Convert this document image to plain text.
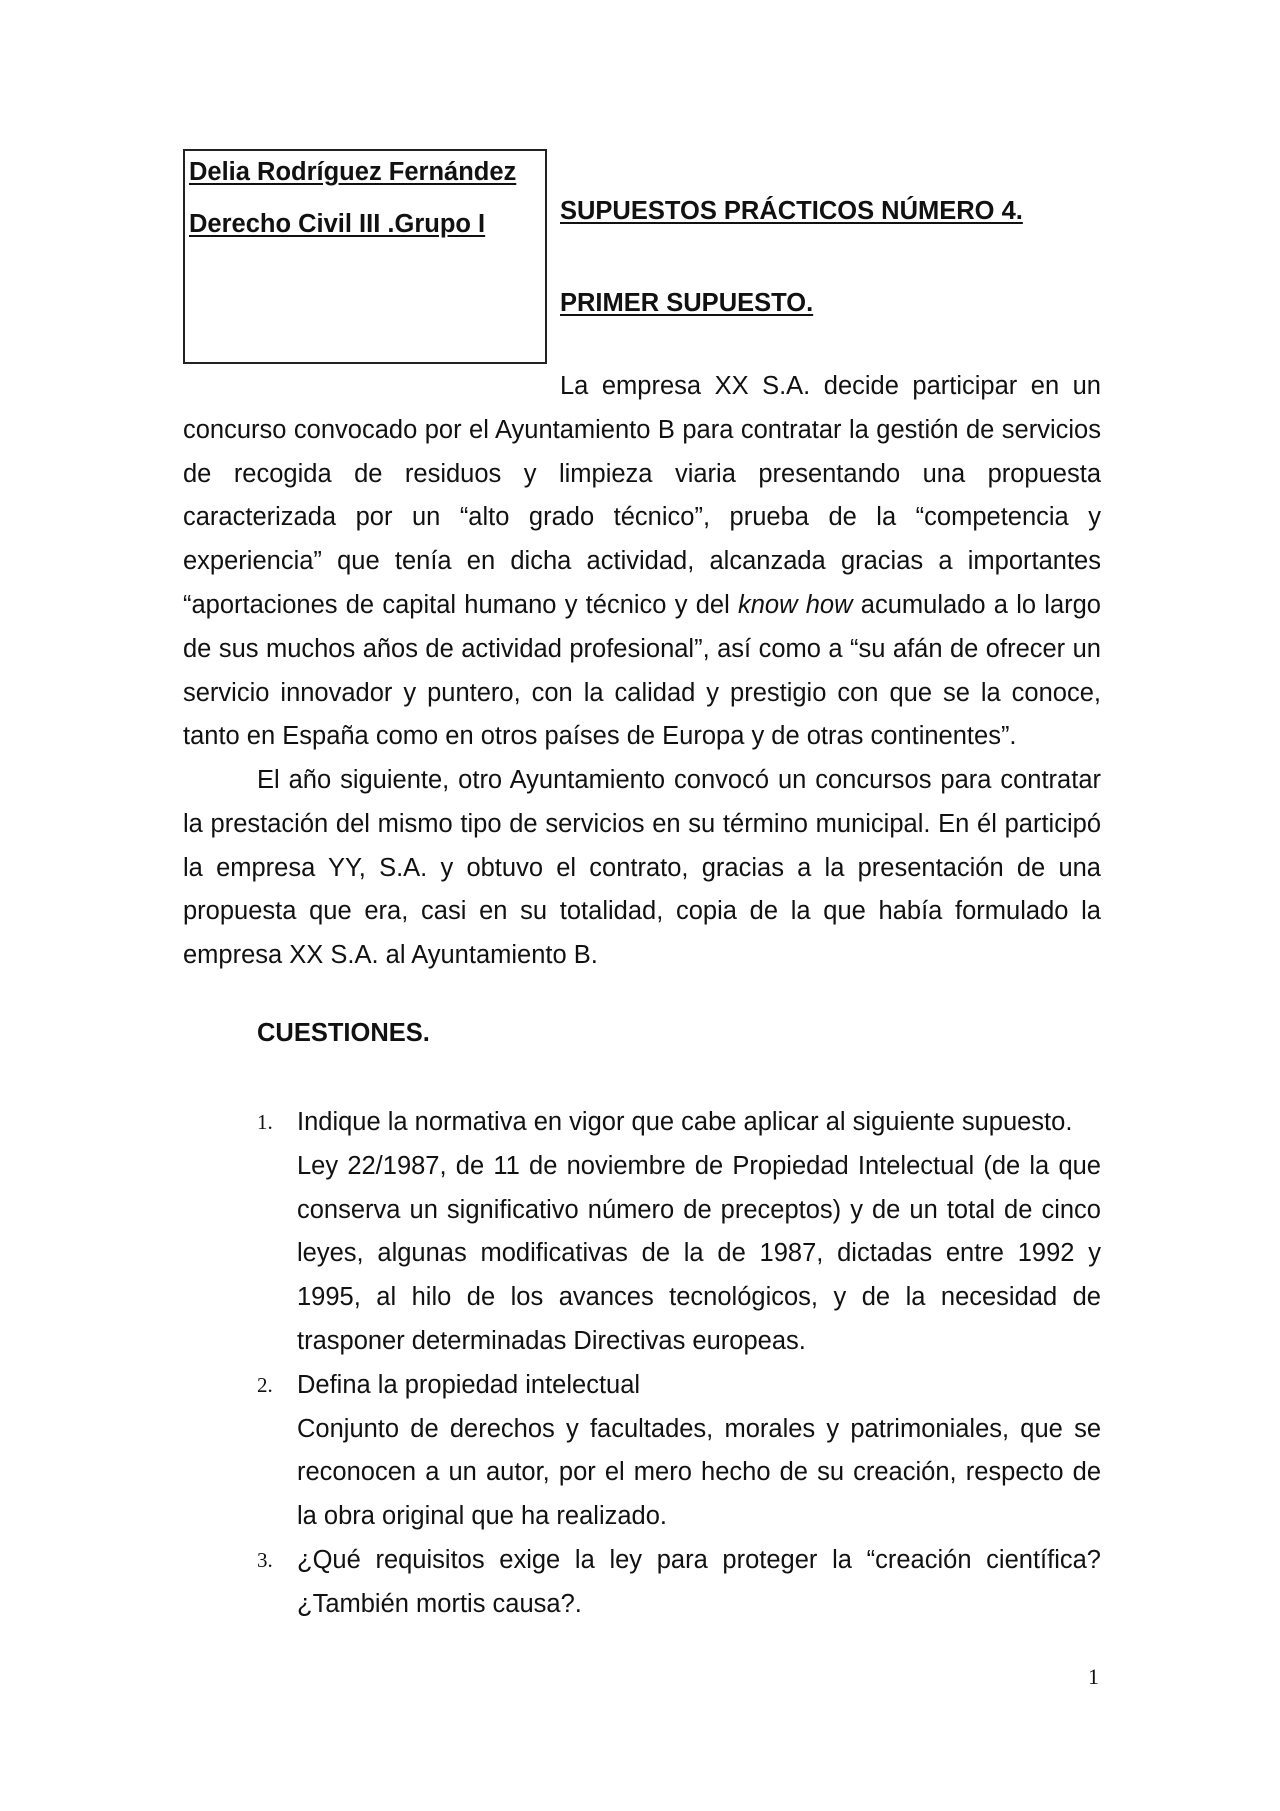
Delia Rodríguez Fernández
Derecho Civil III .Grupo I	SUPUESTOS PRÁCTICOS NÚMERO 4.
PRIMER SUPUESTO.

La empresa XX S.A. decide participar en un concurso convocado por el Ayuntamiento B para contratar la gestión de servicios de recogida de residuos y limpieza viaria presentando una propuesta caracterizada por un “alto grado técnico”, prueba de la “competencia y experiencia” que tenía en dicha actividad, alcanzada gracias a importantes “aportaciones de capital humano y técnico y del know how acumulado a lo largo de sus muchos años de actividad profesional”, así como a “su afán de ofrecer un servicio innovador y puntero, con la calidad y prestigio con que se la conoce, tanto en España como en otros países de Europa y de otras continentes”.

El año siguiente, otro Ayuntamiento convocó un concursos para contratar la prestación del mismo tipo de servicios en su término municipal. En él participó la empresa YY, S.A. y obtuvo el contrato, gracias a la presentación de una propuesta que era, casi en su totalidad, copia de la que había formulado la empresa XX S.A. al Ayuntamiento B.

CUESTIONES.
1. Indique la normativa en vigor que cabe aplicar al siguiente supuesto.
Ley 22/1987, de 11 de noviembre de Propiedad Intelectual (de la que conserva un significativo número de preceptos) y de un total de cinco leyes, algunas modificativas de la de 1987, dictadas entre 1992 y 1995, al hilo de los avances tecnológicos, y de la necesidad de trasponer determinadas Directivas europeas.
2. Defina la propiedad intelectual
Conjunto de derechos y facultades, morales y patrimoniales, que se reconocen a un autor, por el mero hecho de su creación, respecto de la obra original que ha realizado.
3. ¿Qué requisitos exige la ley para proteger la “creación científica? ¿También mortis causa?.
1
